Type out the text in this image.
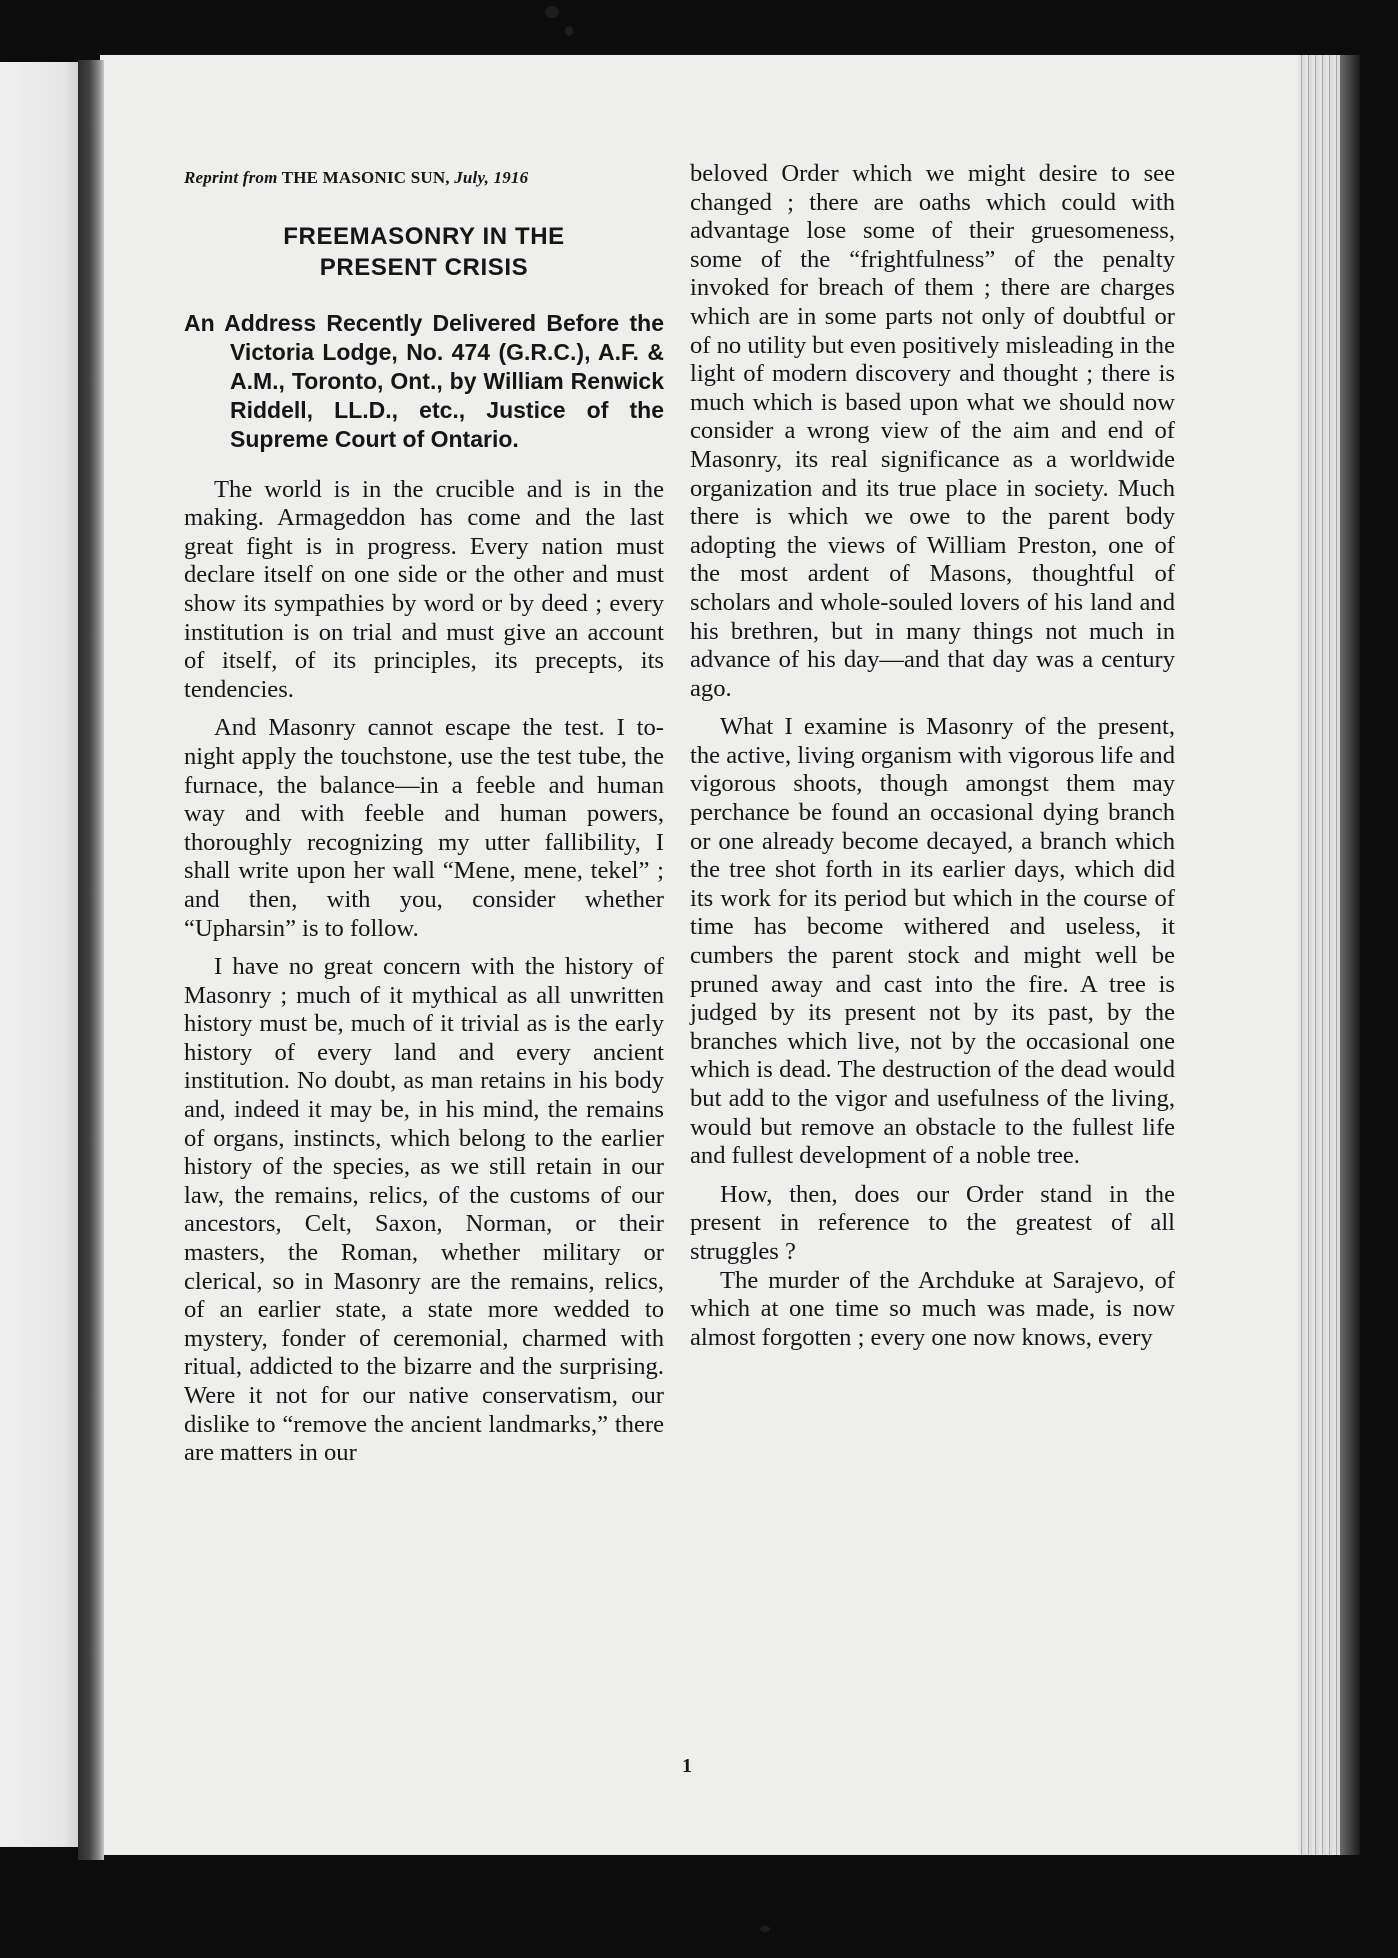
Reprint from THE MASONIC SUN, July, 1916
FREEMASONRY IN THE
PRESENT CRISIS
An Address Recently Delivered Before the Victoria Lodge, No. 474 (G.R.C.), A.F. & A.M., Toronto, Ont., by William Renwick Riddell, LL.D., etc., Justice of the Supreme Court of Ontario.

The world is in the crucible and is in the making. Armageddon has come and the last great fight is in progress. Every nation must declare itself on one side or the other and must show its sympathies by word or by deed ; every institution is on trial and must give an account of itself, of its principles, its precepts, its tendencies.

And Masonry cannot escape the test. I to-night apply the touchstone, use the test tube, the furnace, the balance—in a feeble and human way and with feeble and human powers, thoroughly recognizing my utter fallibility, I shall write upon her wall “Mene, mene, tekel” ; and then, with you, consider whether “Upharsin” is to follow.

I have no great concern with the history of Masonry ; much of it mythical as all unwritten history must be, much of it trivial as is the early history of every land and every ancient institution. No doubt, as man retains in his body and, indeed it may be, in his mind, the remains of organs, instincts, which belong to the earlier history of the species, as we still retain in our law, the remains, relics, of the customs of our ancestors, Celt, Saxon, Norman, or their masters, the Roman, whether military or clerical, so in Masonry are the remains, relics, of an earlier state, a state more wedded to mystery, fonder of ceremonial, charmed with ritual, addicted to the bizarre and the surprising. Were it not for our native conservatism, our dislike to “remove the ancient landmarks,” there are matters in our

beloved Order which we might desire to see changed ; there are oaths which could with advantage lose some of their gruesomeness, some of the “frightfulness” of the penalty invoked for breach of them ; there are charges which are in some parts not only of doubtful or of no utility but even positively misleading in the light of modern discovery and thought ; there is much which is based upon what we should now consider a wrong view of the aim and end of Masonry, its real significance as a worldwide organization and its true place in society. Much there is which we owe to the parent body adopting the views of William Preston, one of the most ardent of Masons, thoughtful of scholars and whole-souled lovers of his land and his brethren, but in many things not much in advance of his day—and that day was a century ago.

What I examine is Masonry of the present, the active, living organism with vigorous life and vigorous shoots, though amongst them may perchance be found an occasional dying branch or one already become decayed, a branch which the tree shot forth in its earlier days, which did its work for its period but which in the course of time has become withered and useless, it cumbers the parent stock and might well be pruned away and cast into the fire. A tree is judged by its present not by its past, by the branches which live, not by the occasional one which is dead. The destruction of the dead would but add to the vigor and usefulness of the living, would but remove an obstacle to the fullest life and fullest development of a noble tree.

How, then, does our Order stand in the present in reference to the greatest of all struggles ?

The murder of the Archduke at Sarajevo, of which at one time so much was made, is now almost forgotten ; every one now knows, every

1
